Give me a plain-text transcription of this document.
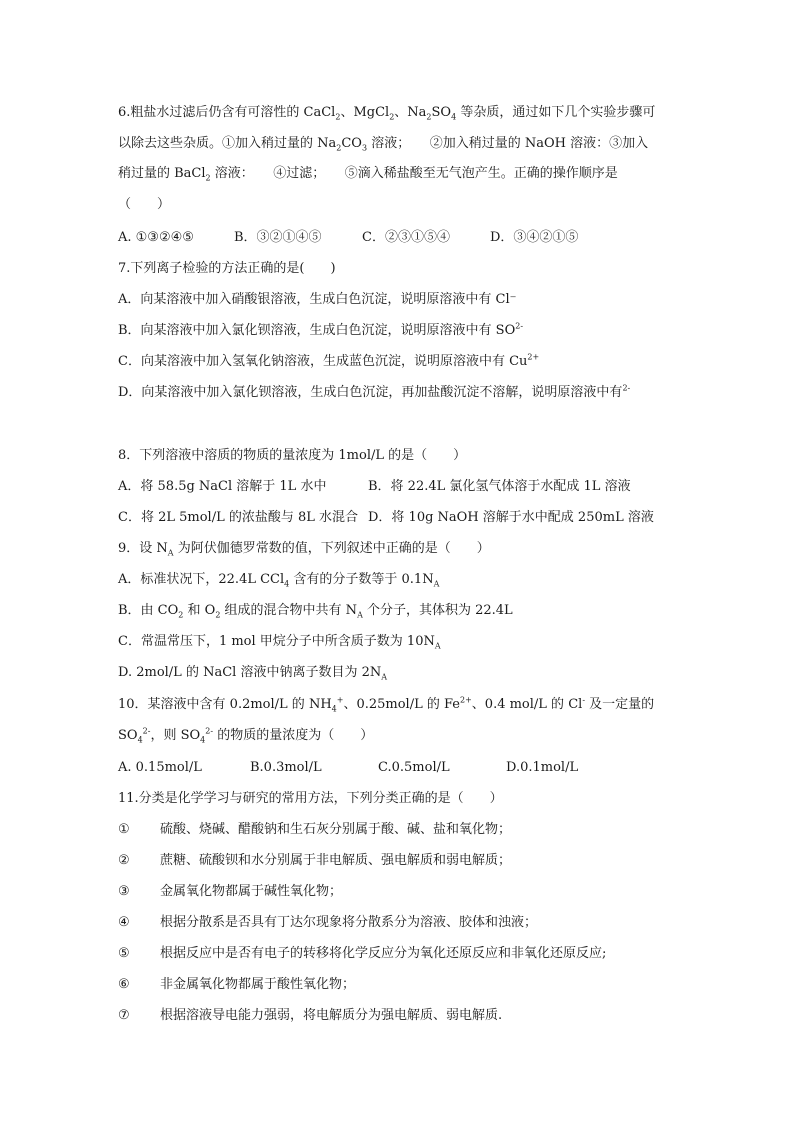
6.粗盐水过滤后仍含有可溶性的 CaCl$_2$、MgCl$_2$、$Na_2SO_4$ 等杂质，通过如下几个实验步骤可
以除去这些杂质。①加入稍过量的 $Na_2CO_3$ 溶液；　　②加入稍过量的 NaOH 溶液：③加入
稍过量的 BaCl$_2$ 溶液：　　④过滤；　　⑤滴入稀盐酸至无气泡产生。正确的操作顺序是
（　　）
A. ①③②④⑤	B．③②①④⑤	C．②③①⑤④	D．③④②①⑤
7.下列离子检验的方法正确的是(　　)
A．向某溶液中加入硝酸银溶液，生成白色沉淀，说明原溶液中有 Cl⁻
B．向某溶液中加入氯化钡溶液，生成白色沉淀，说明原溶液中有 $SO^{2-}$
C．向某溶液中加入氢氧化钠溶液，生成蓝色沉淀，说明原溶液中有 $Cu^{2+}$
D．向某溶液中加入氯化钡溶液，生成白色沉淀，再加盐酸沉淀不溶解，说明原溶液中有$^{2-}$
8．下列溶液中溶质的物质的量浓度为 1mol/L 的是（　　）
A．将 58.5g NaCl 溶解于 1L 水中	B．将 22.4L 氯化氢气体溶于水配成 1L 溶液
C．将 2L 5mol/L 的浓盐酸与 8L 水混合 D．将 10g NaOH 溶解于水中配成 250mL 溶液
9．设 $N_A$ 为阿伏伽德罗常数的值，下列叙述中正确的是（　　）
A．标准状况下，22.4L CCl$_4$ 含有的分子数等于 $0.1N_A$
B．由 $CO_2$ 和 $O_2$ 组成的混合物中共有 $N_A$ 个分子，其体积为 22.4L
C．常温常压下，1 mol 甲烷分子中所含质子数为 $10N_A$
D. 2mol/L 的 NaCl 溶液中钠离子数目为 $2N_A$
10．某溶液中含有 0.2mol/L 的 $NH_4^+$、0.25mol/L 的 $Fe^{2+}$、0.4 mol/L 的 Cl- 及一定量的
$SO_4^{2-}$，则 $SO_4^{2-}$ 的物质的量浓度为（　　）
A. 0.15mol/L	B.0.3mol/L	C.0.5mol/L	D.0.1mol/L
11.分类是化学学习与研究的常用方法，下列分类正确的是（　　）
① 硫酸、烧碱、醋酸钠和生石灰分别属于酸、碱、盐和氧化物；
② 蔗糖、硫酸钡和水分别属于非电解质、强电解质和弱电解质；
③ 金属氧化物都属于碱性氧化物；
④ 根据分散系是否具有丁达尔现象将分散系分为溶液、胶体和浊液；
⑤ 根据反应中是否有电子的转移将化学反应分为氧化还原反应和非氧化还原反应;
⑥ 非金属氧化物都属于酸性氧化物；
⑦ 根据溶液导电能力强弱，将电解质分为强电解质、弱电解质.
